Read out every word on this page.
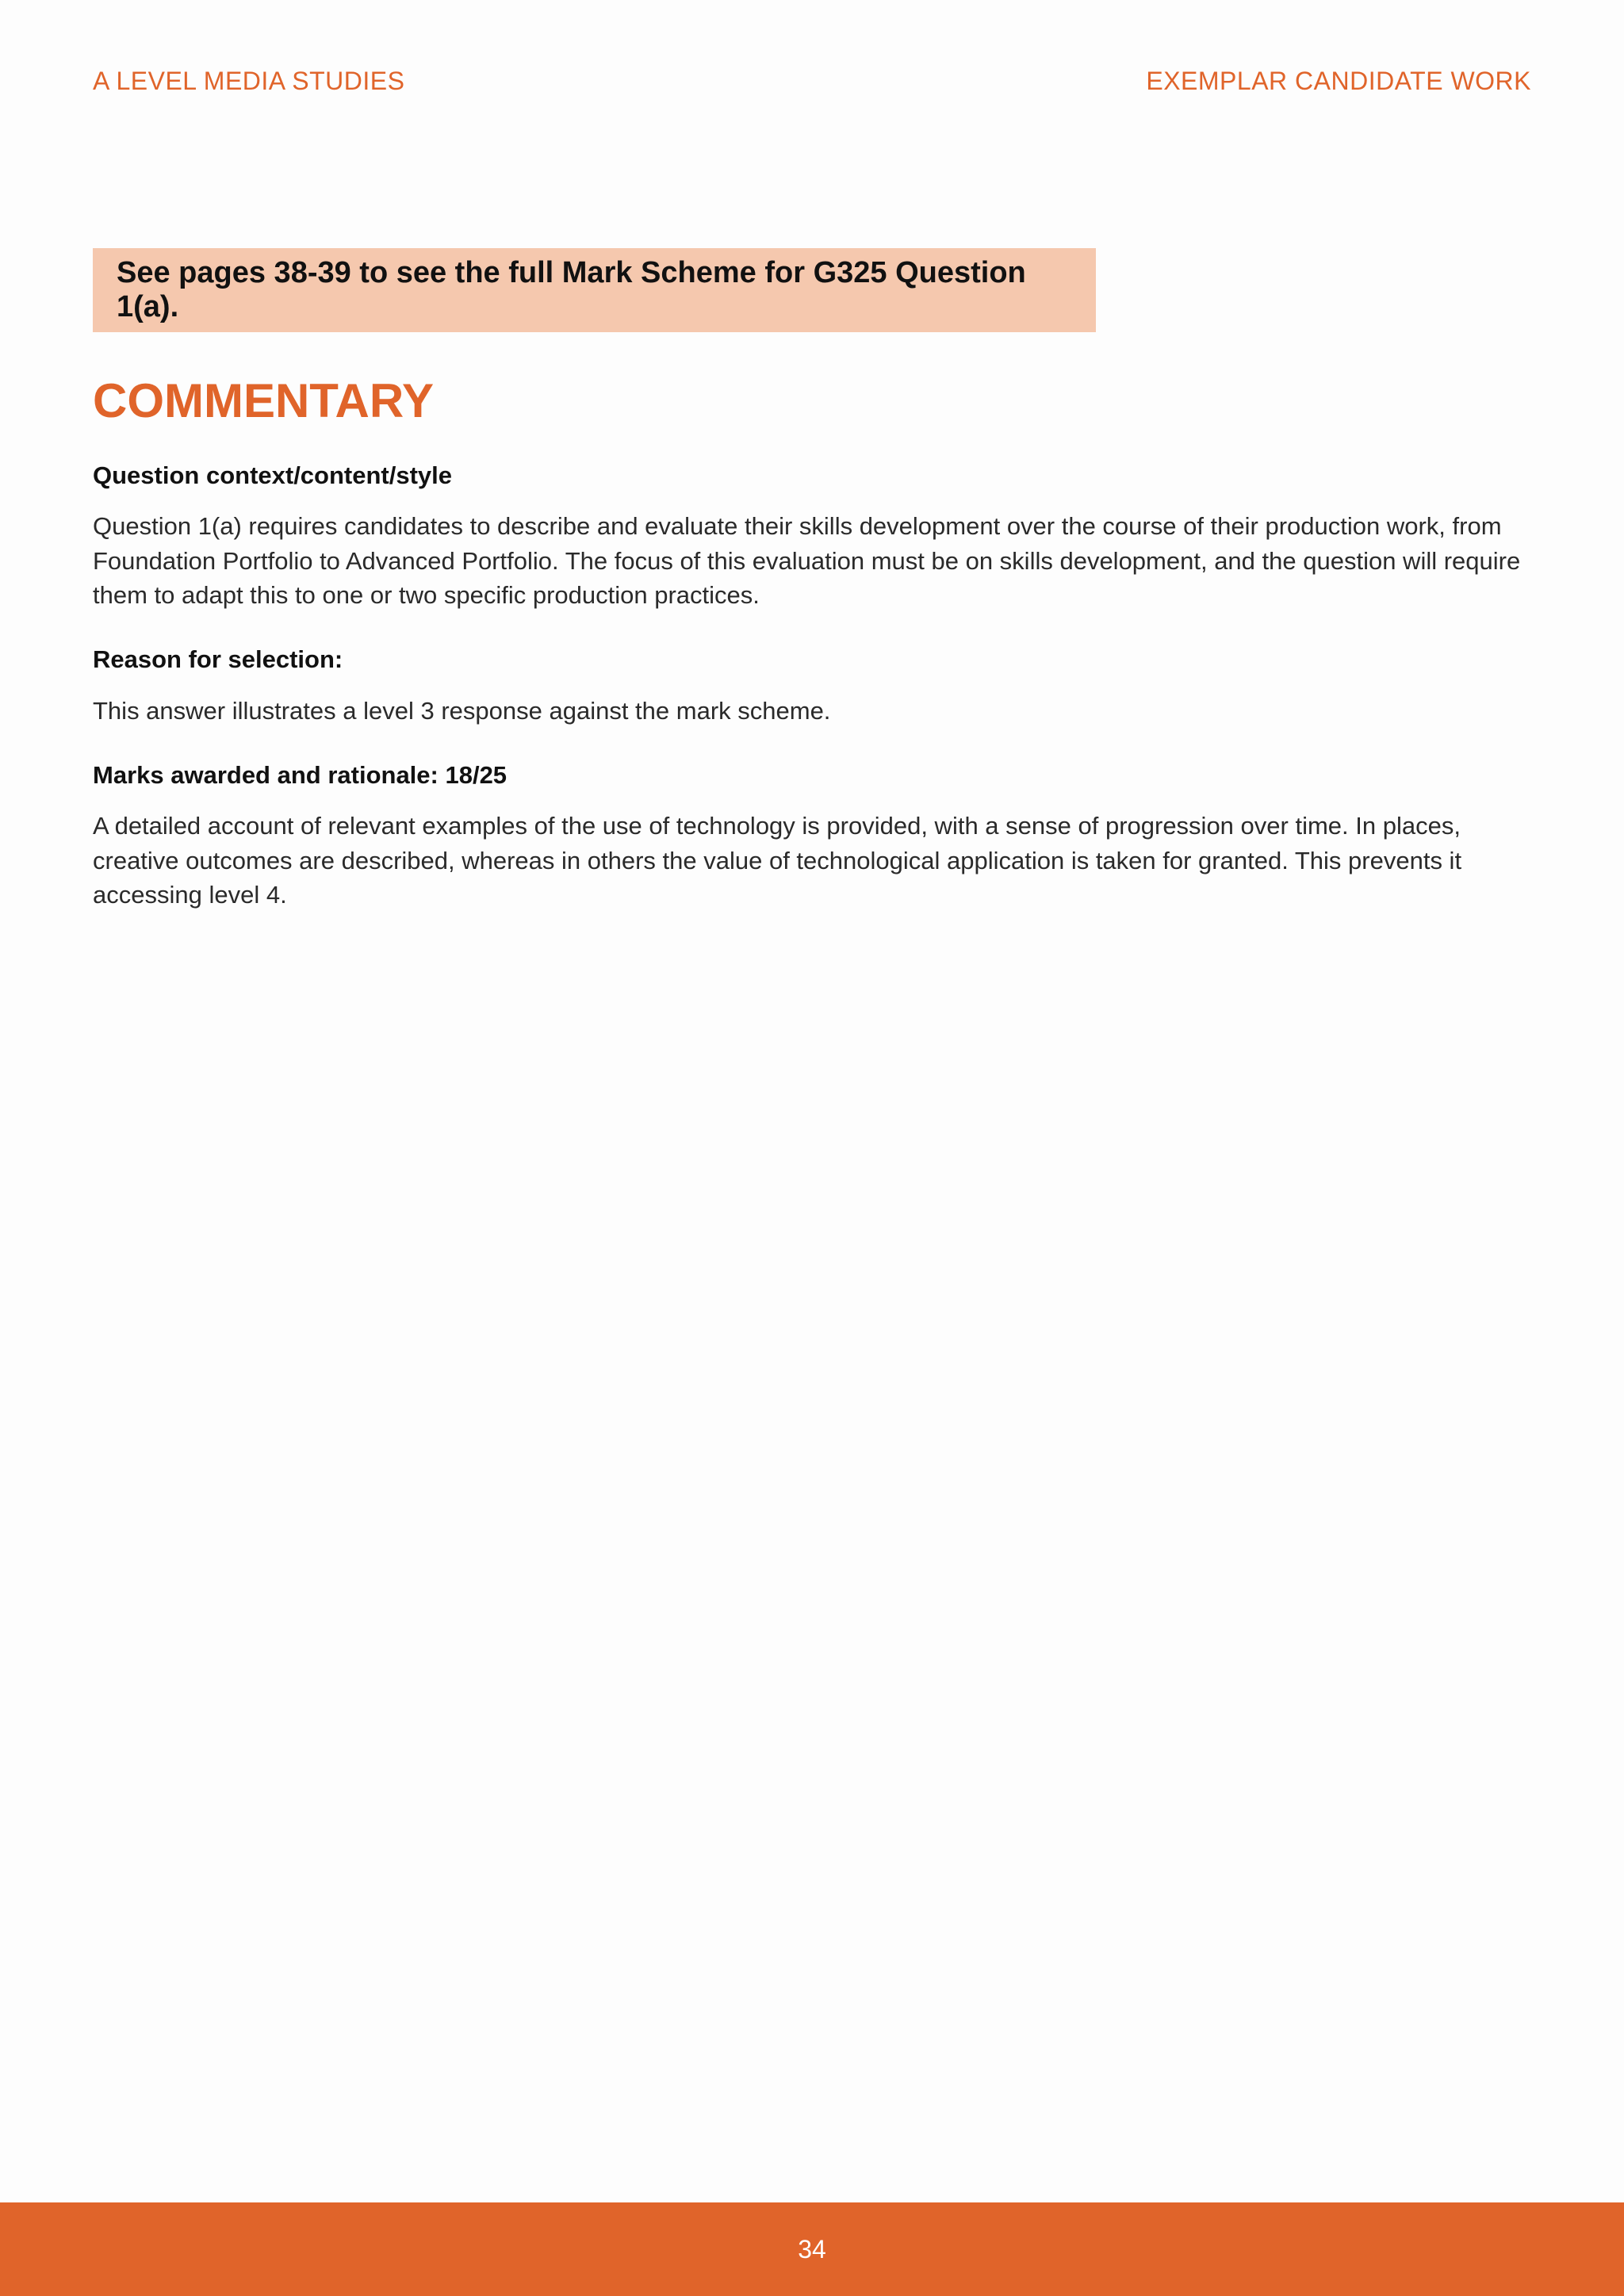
A LEVEL MEDIA STUDIES	EXEMPLAR CANDIDATE WORK
See pages 38-39 to see the full Mark Scheme for G325 Question 1(a).
COMMENTARY
Question context/content/style

Question 1(a) requires candidates to describe and evaluate their skills development over the course of their production work, from Foundation Portfolio to Advanced Portfolio. The focus of this evaluation must be on skills development, and the question will require them to adapt this to one or two specific production practices.

Reason for selection:

This answer illustrates a level 3 response against the mark scheme.

Marks awarded and rationale: 18/25

A detailed account of relevant examples of the use of technology is provided, with a sense of progression over time. In places, creative outcomes are described, whereas in others the value of technological application is taken for granted. This prevents it accessing level 4.

34
